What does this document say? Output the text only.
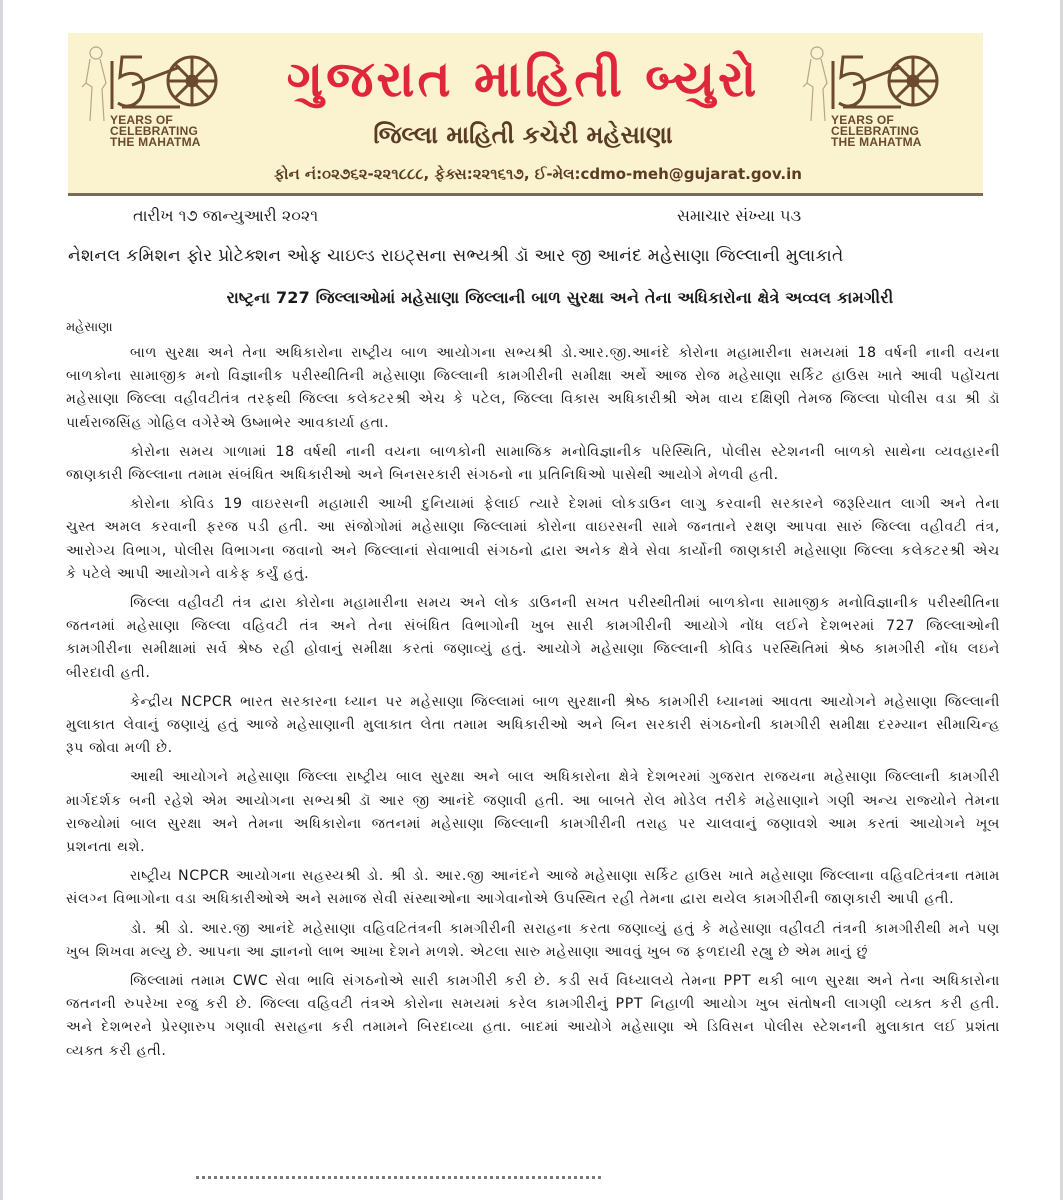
YEARS OF
CELEBRATING
THE MAHATMA
ગુજરાત માહિતી બ્યુરો
જિલ્લા માહિતી કચેરી મહેસાણા
YEARS OF
CELEBRATING
THE MAHATMA
ફોન નં:૦૨૭૬૨-૨૨૧૮૮૮, ફેક્સ:૨૨૧૬૧૭, ઈ-મેલ:cdmo-meh@gujarat.gov.in
તારીખ ૧૭ જાન્યુઆરી ૨૦૨૧	સમાચાર સંખ્યા ૫૩
નેશનલ કમિશન ફોર પ્રોટેક્શન ઓફ ચાઇલ્ડ રાઇટ્સના સભ્યશ્રી ડૉ આર જી આનંદ મહેસાણા જિલ્લાની મુલાકાતે
રાષ્ટ્રના 727 જિલ્લાઓમાં મહેસાણા જિલ્લાની બાળ સુરક્ષા અને તેના અધિકારોના ક્ષેત્રે અવ્વલ કામગીરી
મહેસાણા

બાળ સુરક્ષા અને તેના અધિકારોના રાષ્ટ્રીય બાળ આયોગના સભ્યશ્રી ડો.આર.જી.આનંદે કોરોના મહામારીના સમયમાં 18 વર્ષની નાની વયના
બાળકોના સામાજીક મનો વિજ્ઞાનીક પરીસ્થીતિની મહેસાણા જિલ્લાની કામગીરીની સમીક્ષા અર્થે આજ રોજ મહેસાણા સર્કિટ હાઉસ ખાતે આવી પહોંચતા
મહેસાણા જિલ્લા વહીવટીતંત્ર તરફથી જિલ્લા કલેક્ટરશ્રી એચ કે પટેલ, જિલ્લા વિકાસ અધિકારીશ્રી એમ વાય દક્ષિણી તેમજ જિલ્લા પોલીસ વડા શ્રી ડૉ
પાર્થરાજસિંહ ગોહિલ વગેરેએ ઉષ્માભેર આવકાર્યા હતા.

કોરોના સમય ગાળામાં 18 વર્ષથી નાની વયના બાળકોની સામાજિક મનોવિજ્ઞાનીક પરિસ્થિતિ, પોલીસ સ્ટેશનની બાળકો સાથેના વ્યવહારની
જાણકારી જિલ્લાના તમામ સંબંધિત અધિકારીઓ અને બિનસરકારી સંગઠનો ના પ્રતિનિધિઓ પાસેથી આયોગે મેળવી હતી.

કોરોના કોવિડ 19 વાઇરસની મહામારી આખી દુનિયામાં ફેલાઈ ત્યારે દેશમાં લોકડાઉન લાગુ કરવાની સરકારને જરૂરિયાત લાગી અને તેના
ચુસ્ત અમલ કરવાની ફરજ પડી હતી. આ સંજોગોમાં મહેસાણા જિલ્લામાં કોરોના વાઇરસની સામે જનતાને રક્ષણ આપવા સારું જિલ્લા વહીવટી તંત્ર,
આરોગ્ય વિભાગ, પોલીસ વિભાગના જવાનો અને જિલ્લાનાં સેવાભાવી સંગઠનો દ્વારા અનેક ક્ષેત્રે સેવા કાર્યોની જાણકારી મહેસાણા જિલ્લા કલેક્ટરશ્રી એચ
કે પટેલે આપી આયોગને વાકેફ કર્યું હતું.

જિલ્લા વહીવટી તંત્ર દ્વારા કોરોના મહામારીના સમય અને લોક ડાઉનની સખત પરીસ્થીતીમાં બાળકોના સામાજીક મનોવિજ્ઞાનીક પરીસ્થીતિના
જતનમાં મહેસાણા જિલ્લા વહિવટી તંત્ર અને તેના સંબંધિત વિભાગોની ખુબ સારી કામગીરીની આયોગે નોંધ લઈને દેશભરમાં 727 જિલ્લાઓની
કામગીરીના સમીક્ષામાં સર્વ શ્રેષ્ઠ રહી હોવાનું સમીક્ષા કરતાં જણાવ્યું હતું. આયોગે મહેસાણા જિલ્લાની કોવિડ પરસ્થિતિમાં શ્રેષ્ઠ કામગીરી નોંધ લઇને
બીરદાવી હતી.

કેન્દ્રીય NCPCR ભારત સરકારના ધ્યાન પર મહેસાણા જિલ્લામાં બાળ સુરક્ષાની શ્રેષ્ઠ કામગીરી ધ્યાનમાં આવતા આયોગને મહેસાણા જિલ્લાની
મુલાકાત લેવાનું જણાયું હતું આજે મહેસાણાની મુલાકાત લેતા તમામ અધિકારીઓ અને બિન સરકારી સંગઠનોની કામગીરી સમીક્ષા દરમ્યાન સીમાચિન્હ
રૂપ જોવા મળી છે.

આથી આયોગને મહેસાણા જિલ્લા રાષ્ટ્રીય બાલ સુરક્ષા અને બાલ અધિકારોના ક્ષેત્રે દેશભરમાં ગુજરાત રાજયના મહેસાણા જિલ્લાની કામગીરી
માર્ગદર્શક બની રહેશે એમ આયોગના સભ્યશ્રી ડૉ આર જી આનંદે જણાવી હતી. આ બાબતે રોલ મોડેલ તરીકે મહેસાણાને ગણી અન્ય રાજ્યોને તેમના
રાજ્યોમાં બાલ સુરક્ષા અને તેમના અધિકારોના જતનમાં મહેસાણા જિલ્લાની કામગીરીની તરાહ પર ચાલવાનું જણાવશે આમ કરતાં આયોગને ખૂબ
પ્રશનતા થશે.

રાષ્ટ્રીય NCPCR આયોગના સહસ્યશ્રી ડો. શ્રી ડો. આર.જી આનંદને આજે મહેસાણા સર્કિટ હાઉસ ખાતે મહેસાણા જિલ્લાના વહિવટિતંત્રના તમામ
સંલગ્ન વિભાગોના વડા અધિકારીઓએ અને સમાજ સેવી સંસ્થાઓના આગેવાનોએ ઉપસ્થિત રહી તેમના દ્વારા થયેલ કામગીરીની જાણકારી આપી હતી.

ડો. શ્રી ડો. આર.જી આનંદે મહેસાણા વહિવટિતંત્રની કામગીરીની સરાહના કરતા જણાવ્યું હતું કે મહેસાણા વહીવટી તંત્રની કામગીરીથી મને પણ
ખુબ શિખવા મલ્યુ છે. આપના આ જ્ઞાનનો લાભ આખા દેશને મળશે. એટલા સારુ મહેસાણા આવવું ખુબ જ ફળદાયી રહ્યુ છે એમ માનું છું

જિલ્લામાં તમામ CWC સેવા ભાવિ સંગઠનોએ સારી કામગીરી કરી છે. કડી સર્વ વિધ્યાલયે તેમના PPT થકી બાળ સુરક્ષા અને તેના અધિકારોના
જતનની રુપરેખા રજુ કરી છે. જિલ્લા વહિવટી તંત્રએ કોરોના સમયમાં કરેલ કામગીરીનું PPT નિહાળી આયોગ ખુબ સંતોષની લાગણી વ્યક્ત કરી હતી.
અને દેશભરને પ્રેરણારુપ ગણાવી સરાહના કરી તમામને બિરદાવ્યા હતા. બાદમાં આયોગે મહેસાણા એ ડિવિસન પોલીસ સ્ટેશનની મુલાકાત લઈ પ્રશંતા
વ્યક્ત કરી હતી.
